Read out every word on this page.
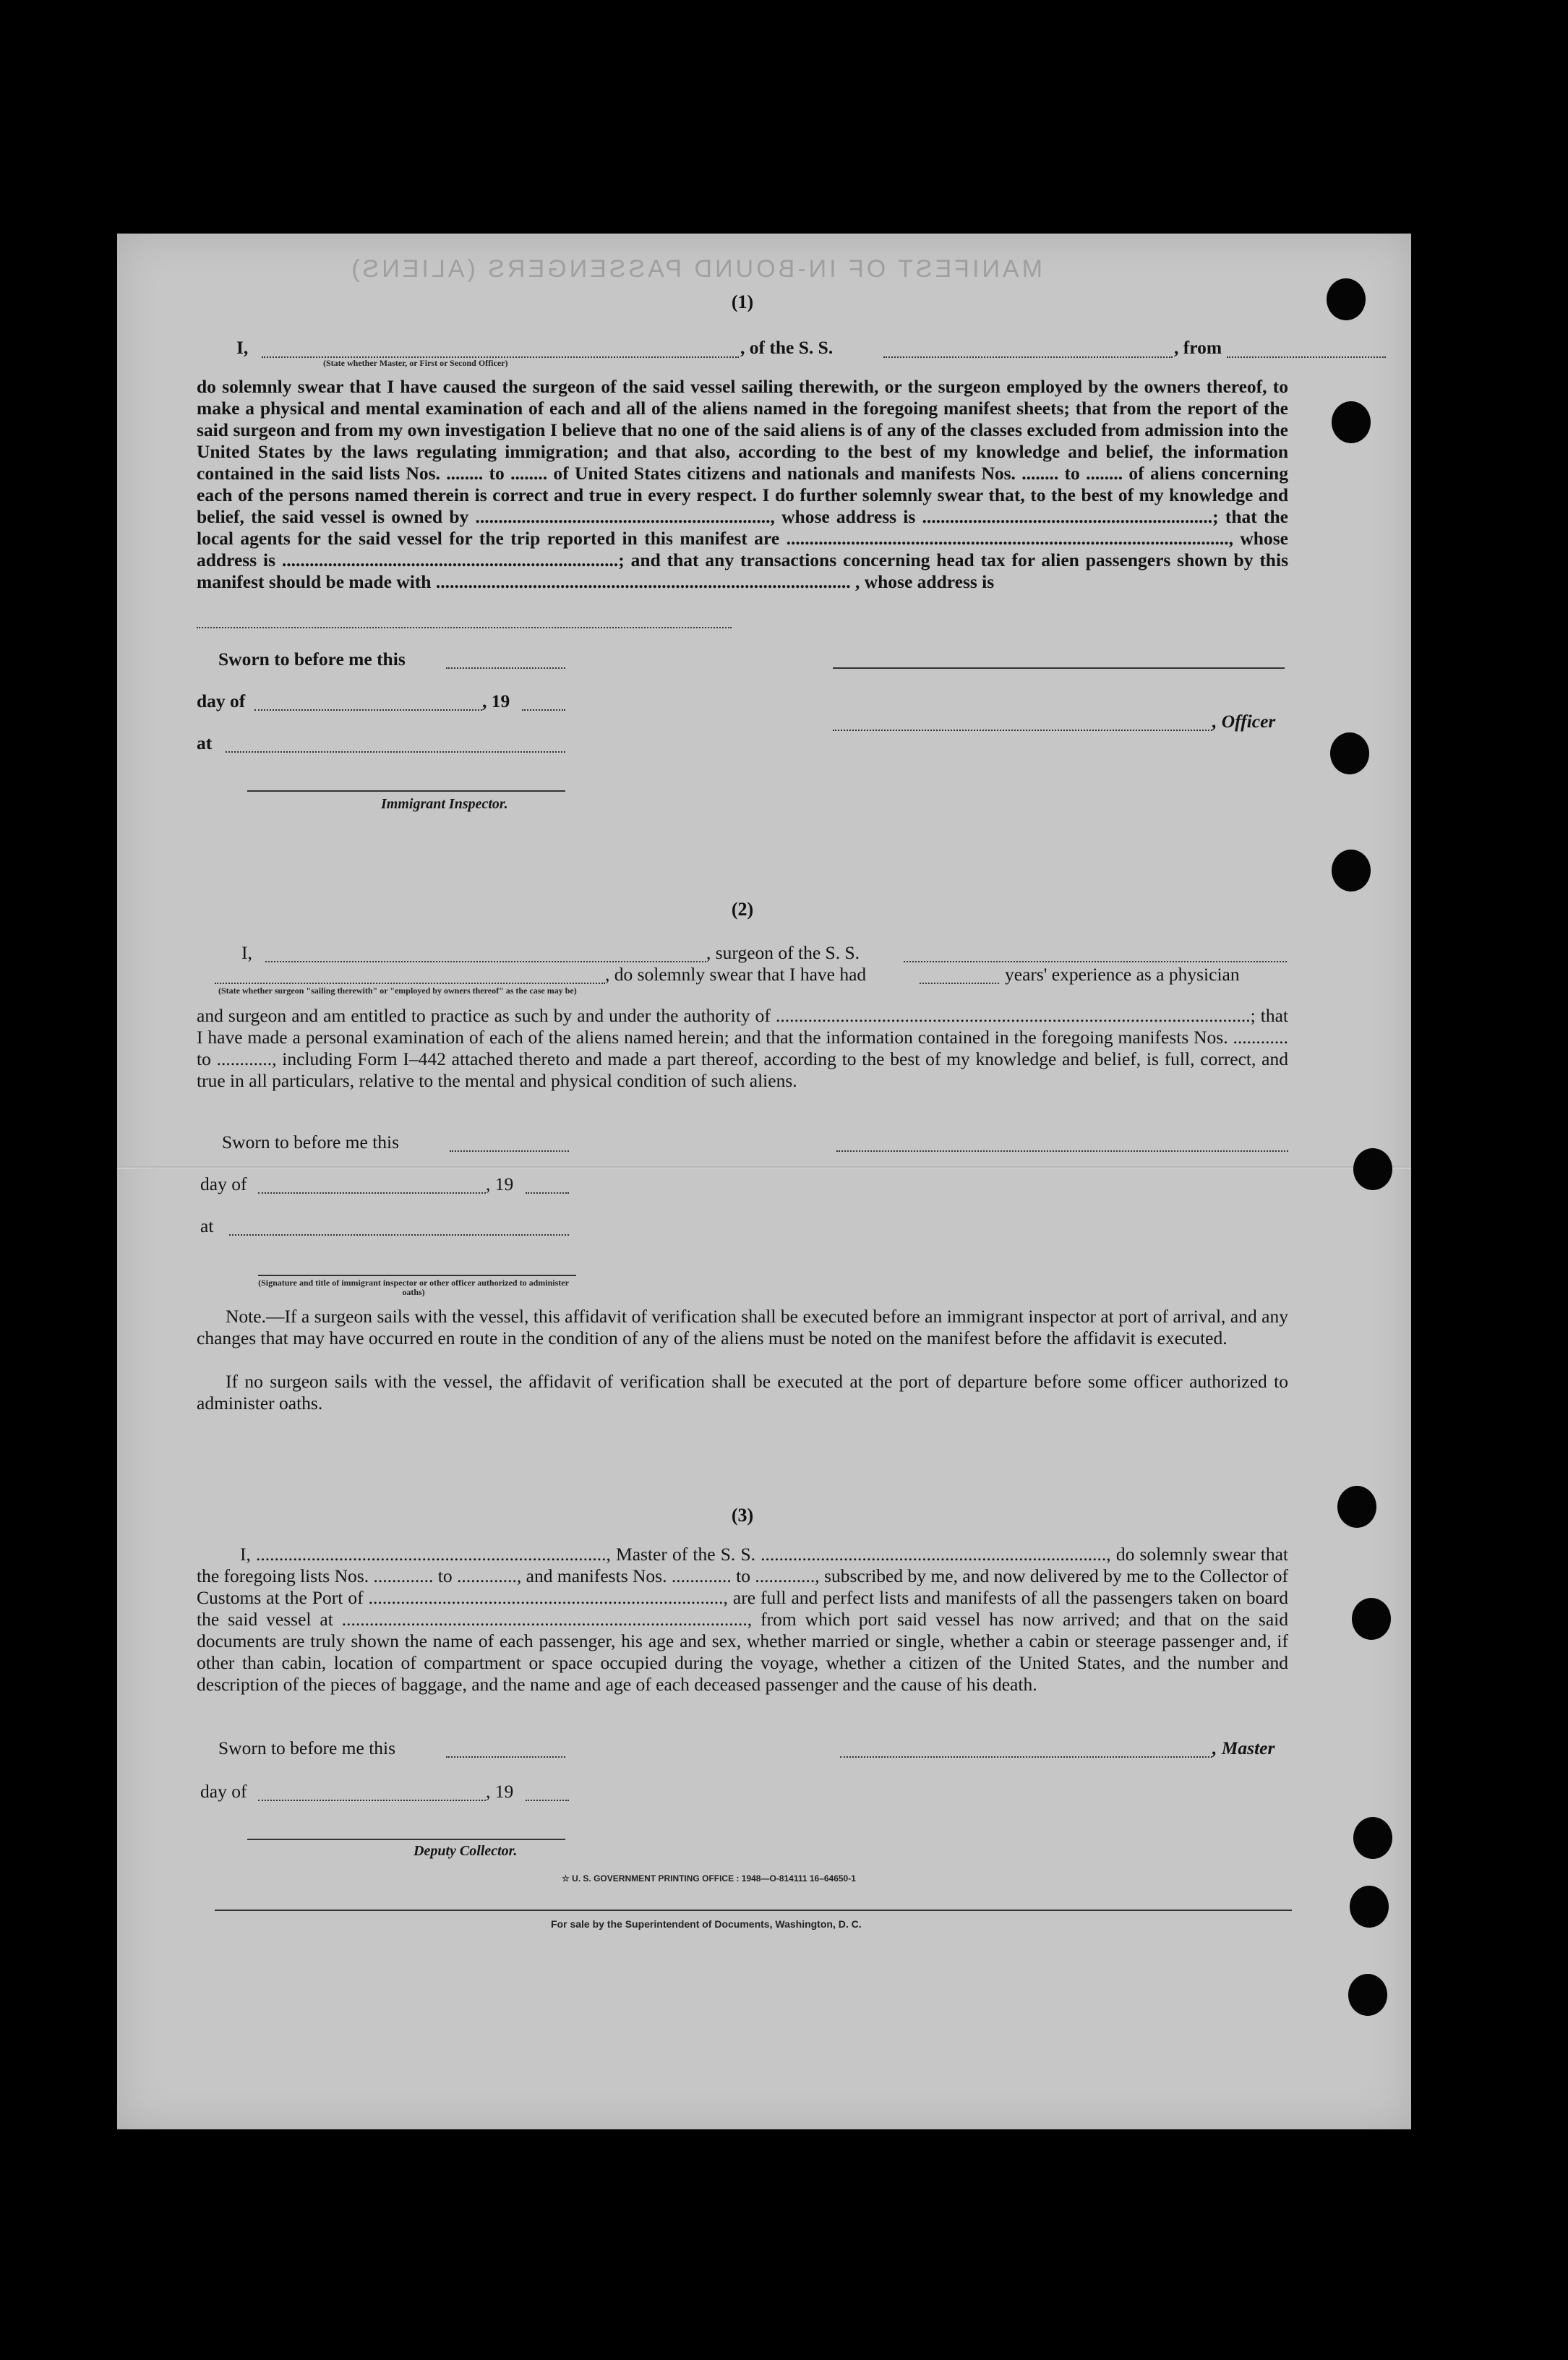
MANIFEST OF IN-BOUND PASSENGERS (ALIENS)
(1)
I,	, of the S. S.	, from
(State whether Master, or First or Second Officer)
do solemnly swear that I have caused the surgeon of the said vessel sailing therewith, or the surgeon employed by the owners thereof, to make a physical and mental examination of each and all of the aliens named in the foregoing manifest sheets; that from the report of the said surgeon and from my own investigation I believe that no one of the said aliens is of any of the classes excluded from admission into the United States by the laws regulating immigration; and that also, according to the best of my knowledge and belief, the information contained in the said lists Nos. ........ to ........ of United States citizens and nationals and manifests Nos. ........ to ........ of aliens concerning each of the persons named therein is correct and true in every respect. I do further solemnly swear that, to the best of my knowledge and belief, the said vessel is owned by ................................................................, whose address is ...............................................................; that the local agents for the said vessel for the trip reported in this manifest are ................................................................................................, whose address is .........................................................................; and that any transactions concerning head tax for alien passengers shown by this manifest should be made with .......................................................................................... , whose address is
Sworn to before me this
day of	, 19
, Officer
at
Immigrant Inspector.
(2)
I,	, surgeon of the S. S.
, do solemnly swear that I have had	years' experience as a physician
(State whether surgeon "sailing therewith" or "employed by owners thereof" as the case may be)
and surgeon and am entitled to practice as such by and under the authority of .......................................................................................................; that I have made a personal examination of each of the aliens named herein; and that the information contained in the foregoing manifests Nos. ............ to ............, including Form I–442 attached thereto and made a part thereof, according to the best of my knowledge and belief, is full, correct, and true in all particulars, relative to the mental and physical condition of such aliens.
Sworn to before me this
day of	, 19
at
(Signature and title of immigrant inspector or other officer authorized to administer oaths)
Note.—If a surgeon sails with the vessel, this affidavit of verification shall be executed before an immigrant inspector at port of arrival, and any changes that may have occurred en route in the condition of any of the aliens must be noted on the manifest before the affidavit is executed.
If no surgeon sails with the vessel, the affidavit of verification shall be executed at the port of departure before some officer authorized to administer oaths.
(3)
I, ............................................................................, Master of the S. S. ..........................................................................., do solemnly swear that the foregoing lists Nos. ............. to ............., and manifests Nos. ............. to ............., subscribed by me, and now delivered by me to the Collector of Customs at the Port of ............................................................................., are full and perfect lists and manifests of all the passengers taken on board the said vessel at ........................................................................................, from which port said vessel has now arrived; and that on the said documents are truly shown the name of each passenger, his age and sex, whether married or single, whether a cabin or steerage passenger and, if other than cabin, location of compartment or space occupied during the voyage, whether a citizen of the United States, and the number and description of the pieces of baggage, and the name and age of each deceased passenger and the cause of his death.
Sworn to before me this	, Master
day of	, 19
Deputy Collector.
☆ U. S. GOVERNMENT PRINTING OFFICE : 1948—O-814111 16–64650-1
For sale by the Superintendent of Documents, Washington, D. C.
